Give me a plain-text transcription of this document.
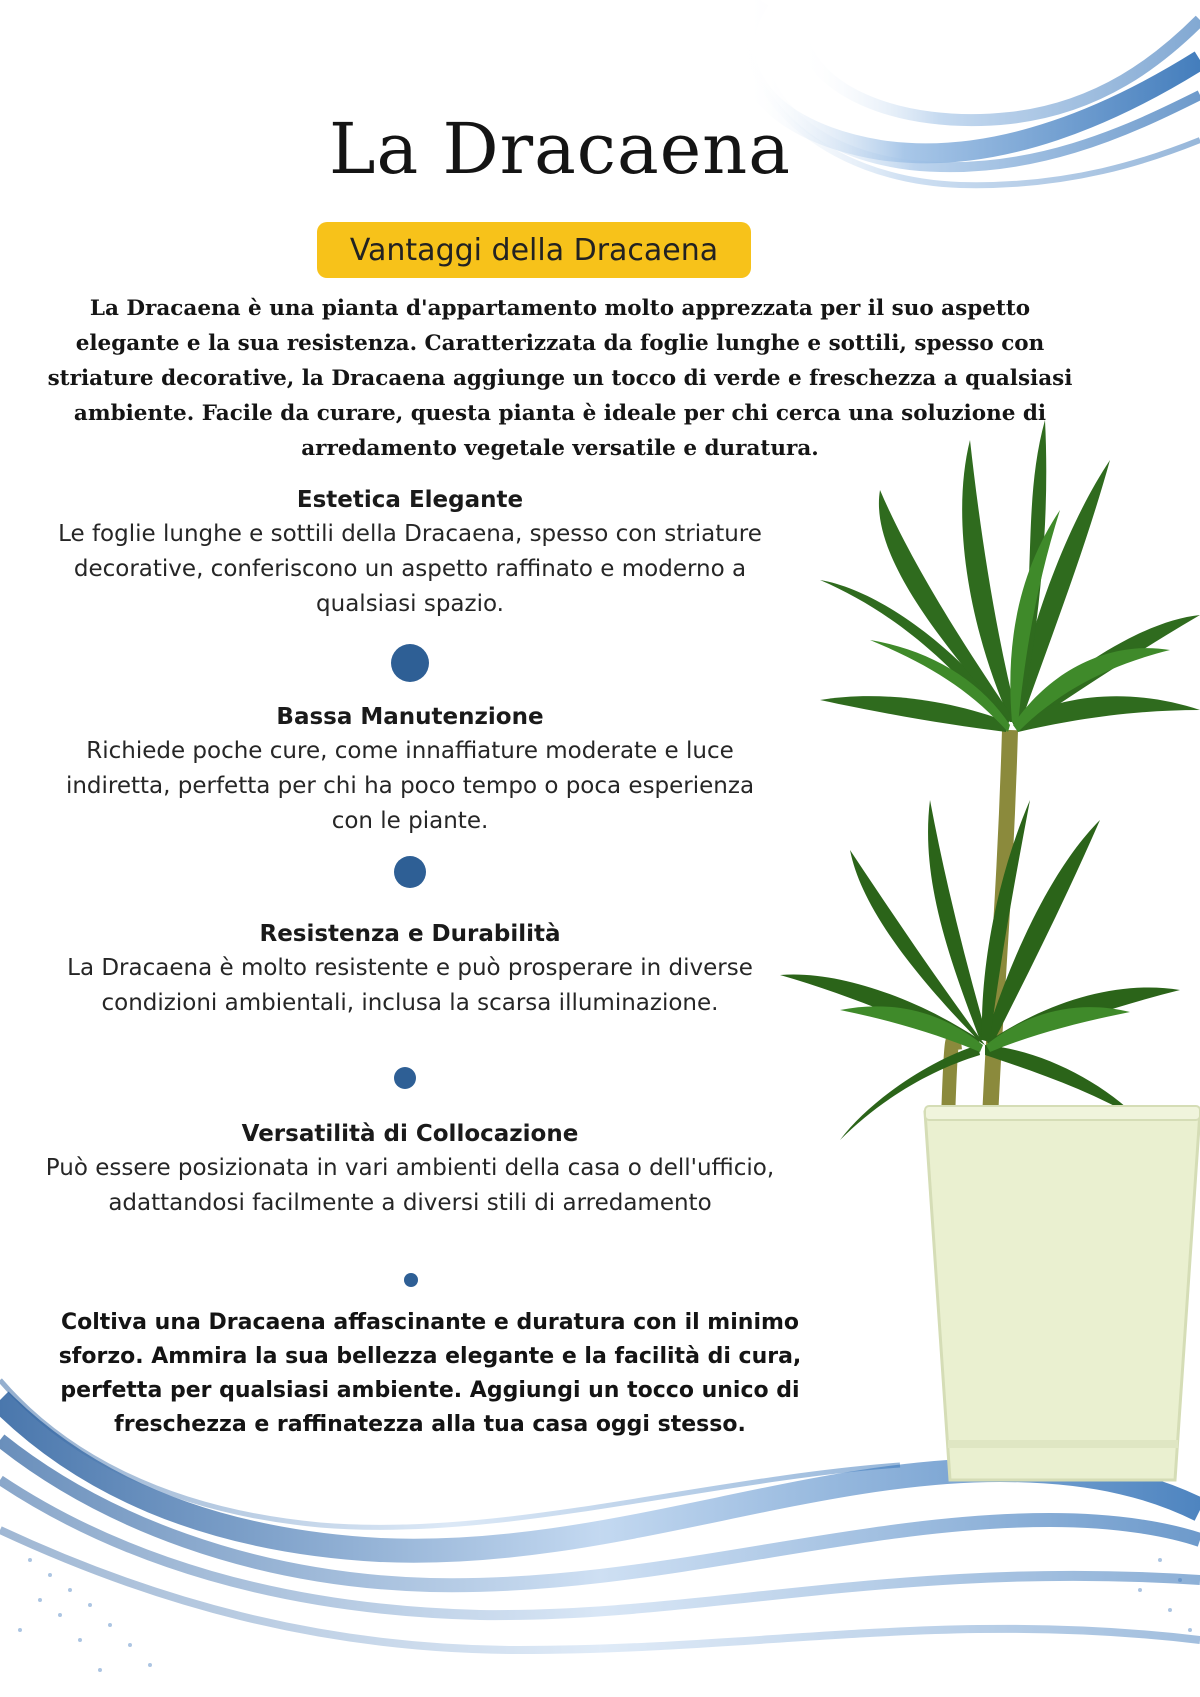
La Dracaena
Vantaggi della Dracaena
La Dracaena è una pianta d'appartamento molto apprezzata per il suo aspetto elegante e la sua resistenza. Caratterizzata da foglie lunghe e sottili, spesso con striature decorative, la Dracaena aggiunge un tocco di verde e freschezza a qualsiasi ambiente. Facile da curare, questa pianta è ideale per chi cerca una soluzione di arredamento vegetale versatile e duratura.
Estetica Elegante

Le foglie lunghe e sottili della Dracaena, spesso con striature decorative, conferiscono un aspetto raffinato e moderno a qualsiasi spazio.

Bassa Manutenzione

Richiede poche cure, come innaffiature moderate e luce indiretta, perfetta per chi ha poco tempo o poca esperienza con le piante.

Resistenza e Durabilità

La Dracaena è molto resistente e può prosperare in diverse condizioni ambientali, inclusa la scarsa illuminazione.

Versatilità di Collocazione

Può essere posizionata in vari ambienti della casa o dell'ufficio, adattandosi facilmente a diversi stili di arredamento

Coltiva una Dracaena affascinante e duratura con il minimo sforzo. Ammira la sua bellezza elegante e la facilità di cura, perfetta per qualsiasi ambiente. Aggiungi un tocco unico di freschezza e raffinatezza alla tua casa oggi stesso.
